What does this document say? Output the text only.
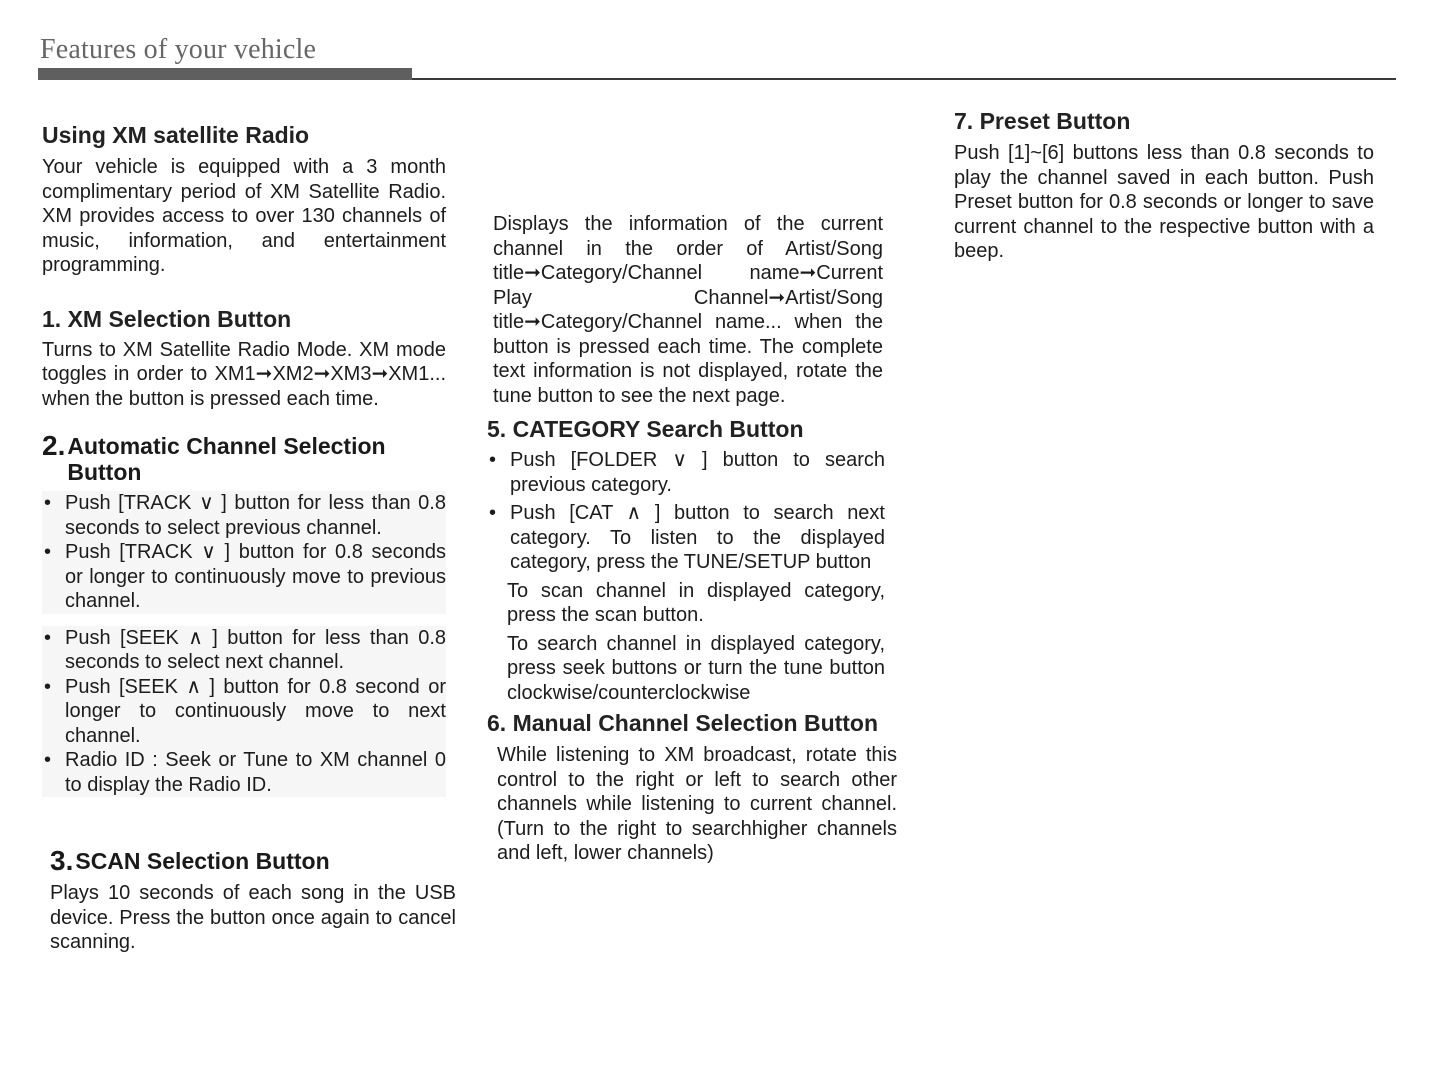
Features of your vehicle
Using XM satellite Radio

Your vehicle is equipped with a 3 month complimentary period of XM Satellite Radio. XM provides access to over 130 channels of music, information, and entertainment programming.

1. XM Selection Button

Turns to XM Satellite Radio Mode. XM mode toggles in order to XM1➞XM2➞XM3➞XM1... when the button is pressed each time.

2. Automatic Channel Selection Button
• Push [TRACK ∨ ] button for less than 0.8 seconds to select previous channel.
• Push [TRACK ∨ ] button for 0.8 seconds or longer to continuously move to previous channel.
• Push [SEEK ∧ ] button for less than 0.8 seconds to select next channel.
• Push [SEEK ∧ ] button for 0.8 second or longer to continuously move to next channel.
• Radio ID : Seek or Tune to XM channel 0 to display the Radio ID.
3. SCAN Selection Button

Plays 10 seconds of each song in the USB device. Press the button once again to cancel scanning.

Displays the information of the current channel in the order of Artist/Song title➞Category/Channel name➞Current Play Channel➞Artist/Song title➞Category/Channel name... when the button is pressed each time. The complete text information is not displayed, rotate the tune button to see the next page.

5. CATEGORY Search Button
• Push [FOLDER ∨ ] button to search previous category.
• Push [CAT ∧ ] button to search next category. To listen to the displayed category, press the TUNE/SETUP button

To scan channel in displayed category, press the scan button.

To search channel in displayed category, press seek buttons or turn the tune button clockwise/counterclockwise

6. Manual Channel Selection Button

While listening to XM broadcast, rotate this control to the right or left to search other channels while listening to current channel. (Turn to the right to searchhigher channels and left, lower channels)

7. Preset Button

Push [1]~[6] buttons less than 0.8 seconds to play the channel saved in each button. Push Preset button for 0.8 seconds or longer to save current channel to the respective button with a beep.
